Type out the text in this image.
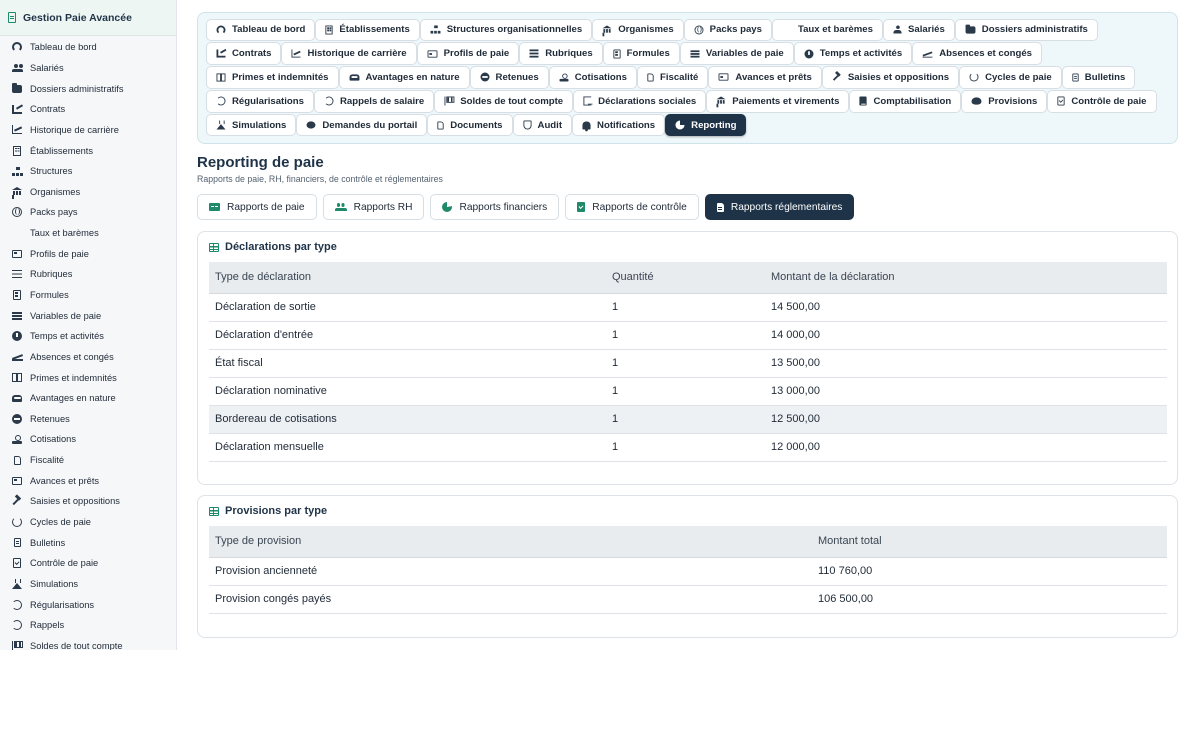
Gestion Paie Avancée
Tableau de bord
Salariés
Dossiers administratifs
Contrats
Historique de carrière
Établissements
Structures
Organismes
Packs pays
Taux et barèmes
Profils de paie
Rubriques
Formules
Variables de paie
Temps et activités
Absences et congés
Primes et indemnités
Avantages en nature
Retenues
Cotisations
Fiscalité
Avances et prêts
Saisies et oppositions
Cycles de paie
Bulletins
Contrôle de paie
Simulations
Régularisations
Rappels
Soldes de tout compte
Tableau de bord	Établissements	Structures organisationnelles	Organismes	Packs pays	Taux et barèmes	Salariés	Dossiers administratifs
Contrats	Historique de carrière	Profils de paie	Rubriques	Formules	Variables de paie	Temps et activités	Absences et congés
Primes et indemnités	Avantages en nature	Retenues	Cotisations	Fiscalité	Avances et prêts	Saisies et oppositions	Cycles de paie	Bulletins
Régularisations	Rappels de salaire	Soldes de tout compte	Déclarations sociales	Paiements et virements	Comptabilisation	Provisions	Contrôle de paie
Simulations	Demandes du portail	Documents	Audit	Notifications	Reporting
Reporting de paie

Rapports de paie, RH, financiers, de contrôle et réglementaires

Rapports de paie	Rapports RH	Rapports financiers	Rapports de contrôle	Rapports réglementaires
Déclarations par type
Type de déclaration	Quantité	Montant de la déclaration
Déclaration de sortie	1	14 500,00
Déclaration d'entrée	1	14 000,00
État fiscal	1	13 500,00
Déclaration nominative	1	13 000,00
Bordereau de cotisations	1	12 500,00
Déclaration mensuelle	1	12 000,00
Provisions par type
Type de provision	Montant total
Provision ancienneté	110 760,00
Provision congés payés	106 500,00
